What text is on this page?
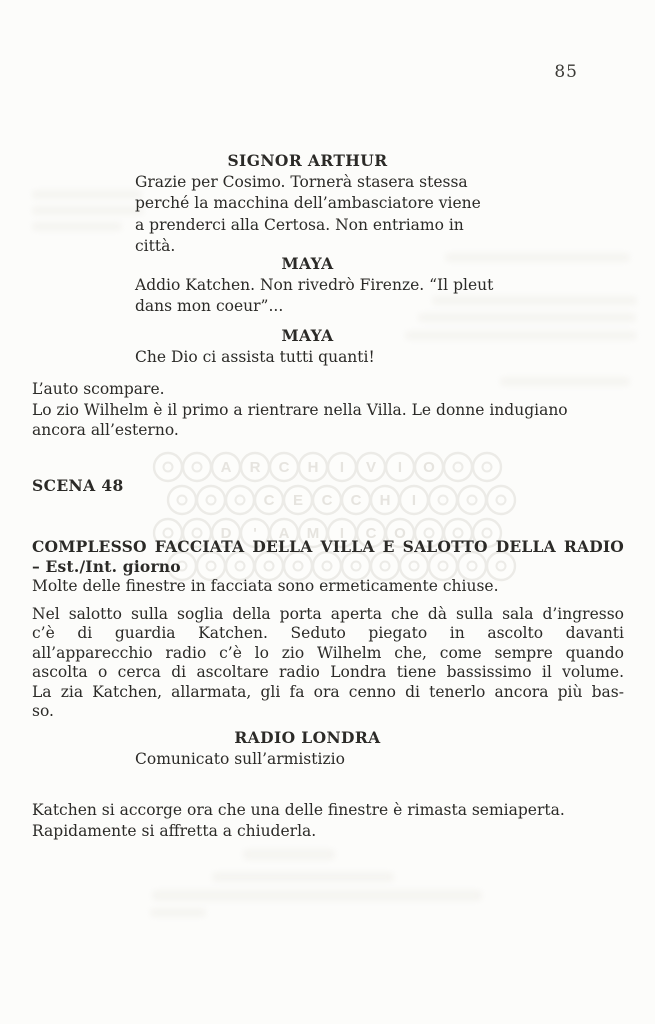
A R C H I V I O
C E C C H I
D ' A M I C O
85
SIGNOR ARTHUR
Grazie per Cosimo. Tornerà stasera stessa
perché la macchina dell’ambasciatore viene
a prenderci alla Certosa. Non entriamo in
città.
MAYA
Addio Katchen. Non rivedrò Firenze. “Il pleut
dans mon coeur”...
MAYA
Che Dio ci assista tutti quanti!
L’auto scompare.
Lo zio Wilhelm è il primo a rientrare nella Villa. Le donne indugiano
ancora all’esterno.
SCENA 48
COMPLESSO FACCIATA DELLA VILLA E SALOTTO DELLA RADIO
– Est./Int. giorno
Molte delle finestre in facciata sono ermeticamente chiuse.
Nel salotto sulla soglia della porta aperta che dà sulla sala d’ingresso
c’è di guardia Katchen. Seduto piegato in ascolto davanti
all’apparecchio radio c’è lo zio Wilhelm che, come sempre quando
ascolta o cerca di ascoltare radio Londra tiene bassissimo il volume.
La zia Katchen, allarmata, gli fa ora cenno di tenerlo ancora più bas-
so.
RADIO LONDRA
Comunicato sull’armistizio
Katchen si accorge ora che una delle finestre è rimasta semiaperta.
Rapidamente si affretta a chiuderla.
